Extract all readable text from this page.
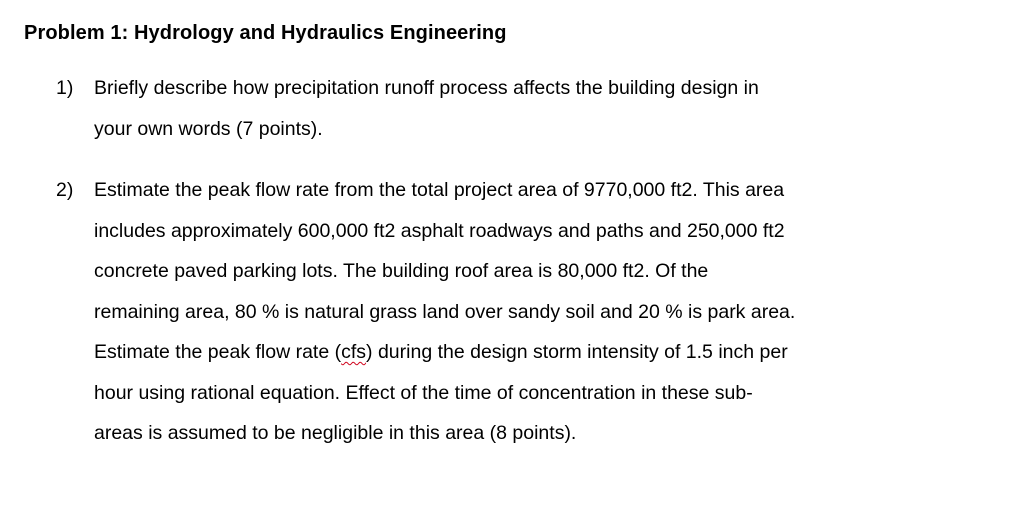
Problem 1: Hydrology and Hydraulics Engineering
1) Briefly describe how precipitation runoff process affects the building design in
your own words (7 points).
2) Estimate the peak flow rate from the total project area of 9770,000 ft2. This area
includes approximately 600,000 ft2 asphalt roadways and paths and 250,000 ft2
concrete paved parking lots. The building roof area is 80,000 ft2. Of the
remaining area, 80 % is natural grass land over sandy soil and 20 % is park area.
Estimate the peak flow rate (cfs) during the design storm intensity of 1.5 inch per
hour using rational equation. Effect of the time of concentration in these sub-
areas is assumed to be negligible in this area (8 points).
